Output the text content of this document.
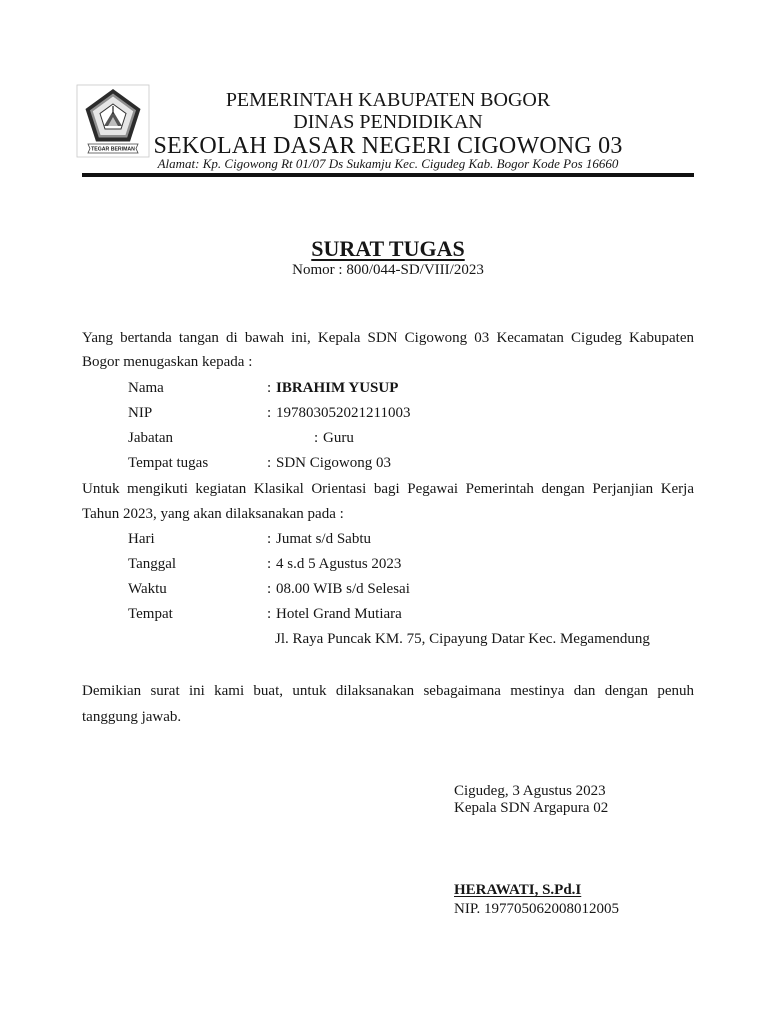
TEGAR BERIMAN
PEMERINTAH KABUPATEN BOGOR
DINAS PENDIDIKAN
SEKOLAH DASAR NEGERI CIGOWONG 03
Alamat: Kp. Cigowong Rt 01/07 Ds Sukamju Kec. Cigudeg Kab. Bogor Kode Pos 16660
SURAT TUGAS
Nomor : 800/044-SD/VIII/2023
Yang bertanda tangan di bawah ini, Kepala SDN Cigowong 03 Kecamatan Cigudeg Kabupaten
Bogor menugaskan kepada :
Nama	: IBRAHIM YUSUP
NIP	: 197803052021211003
Jabatan	: Guru
Tempat tugas	: SDN Cigowong 03
Untuk mengikuti kegiatan Klasikal Orientasi bagi Pegawai Pemerintah dengan Perjanjian Kerja
Tahun 2023, yang akan dilaksanakan pada :
Hari	: Jumat s/d Sabtu
Tanggal	: 4 s.d 5 Agustus 2023
Waktu	: 08.00 WIB s/d Selesai
Tempat	: Hotel Grand Mutiara
Jl. Raya Puncak KM. 75, Cipayung Datar Kec. Megamendung
Demikian surat ini kami buat, untuk dilaksanakan sebagaimana mestinya dan dengan penuh
tanggung jawab.
Cigudeg, 3 Agustus 2023
Kepala SDN Argapura 02
HERAWATI, S.Pd.I
NIP. 197705062008012005
